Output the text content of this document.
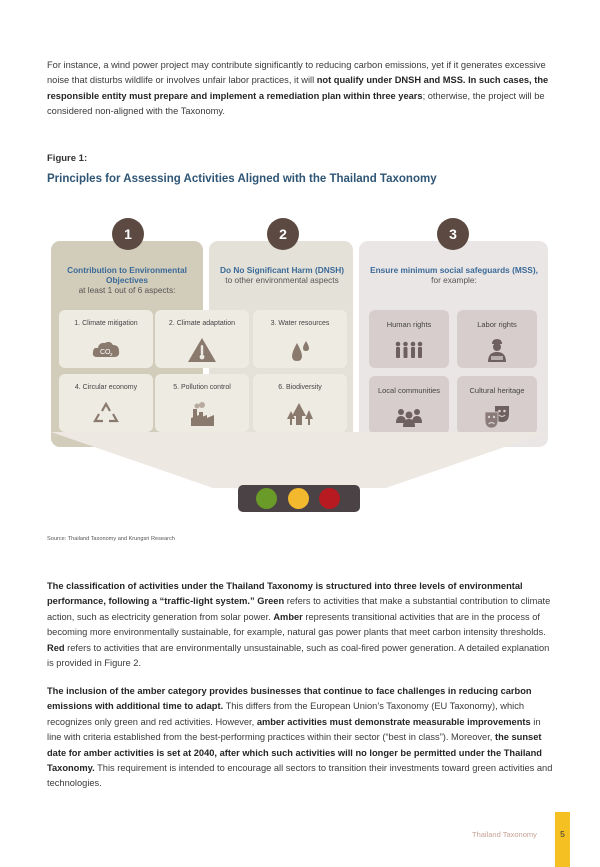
For instance, a wind power project may contribute significantly to reducing carbon emissions, yet if it generates excessive noise that disturbs wildlife or involves unfair labor practices, it will not qualify under DNSH and MSS. In such cases, the responsible entity must prepare and implement a remediation plan within three years; otherwise, the project will be considered non-aligned with the Taxonomy.

Figure 1:
Principles for Assessing Activities Aligned with the Thailand Taxonomy
1	2	3
Contribution to Environmental Objectives
at least 1 out of 6 aspects:
Do No Significant Harm (DNSH)
to other environmental aspects
Ensure minimum social safeguards (MSS),
for example:
1. Climate mitigation
CO 2
2. Climate adaptation	3. Water resources
4. Circular economy	5. Pollution control	6. Biodiversity
Human rights	Labor rights
Local communities	Cultural heritage
Source: Thailand Taxonomy and Krungsri Research

The classification of activities under the Thailand Taxonomy is structured into three levels of environmental performance, following a “traffic-light system.” Green refers to activities that make a substantial contribution to climate action, such as electricity generation from solar power. Amber represents transitional activities that are in the process of becoming more environmentally sustainable, for example, natural gas power plants that meet carbon intensity thresholds. Red refers to activities that are environmentally unsustainable, such as coal-fired power generation. A detailed explanation is provided in Figure 2.

The inclusion of the amber category provides businesses that continue to face challenges in reducing carbon emissions with additional time to adapt. This differs from the European Union’s Taxonomy (EU Taxonomy), which recognizes only green and red activities. However, amber activities must demonstrate measurable improvements in line with criteria established from the best-performing practices within their sector (“best in class”). Moreover, the sunset date for amber activities is set at 2040, after which such activities will no longer be permitted under the Thailand Taxonomy. This requirement is intended to encourage all sectors to transition their investments toward green activities and technologies.

Thailand Taxonomy	5
